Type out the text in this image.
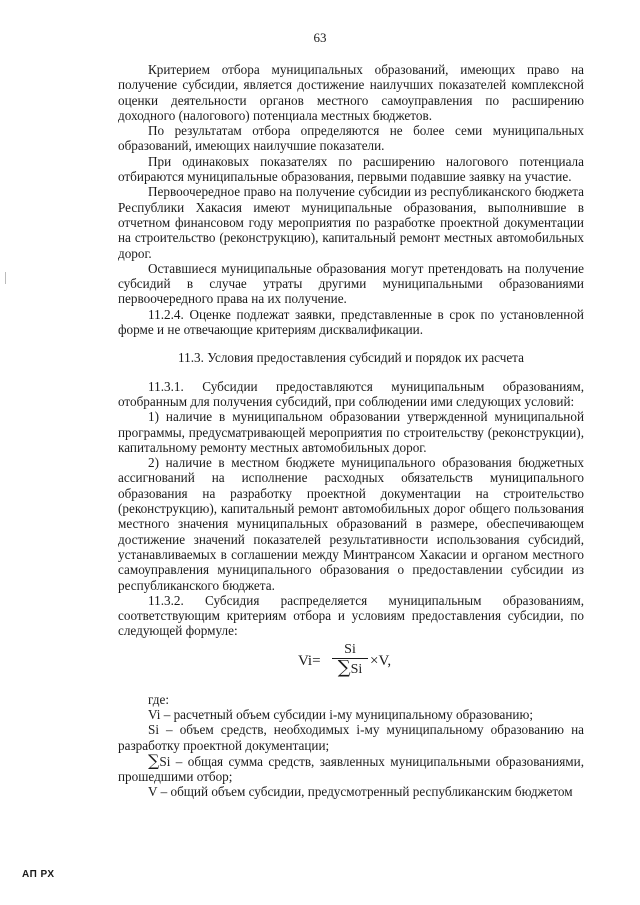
63

Критерием отбора муниципальных образований, имеющих право на получение субсидии, является достижение наилучших показателей комплексной оценки деятельности органов местного самоуправления по расширению доходного (налогового) потенциала местных бюджетов.

По результатам отбора определяются не более семи муниципальных образований, имеющих наилучшие показатели.

При одинаковых показателях по расширению налогового потенциала отбираются муниципальные образования, первыми подавшие заявку на участие.

Первоочередное право на получение субсидии из республиканского бюджета Республики Хакасия имеют муниципальные образования, выполнившие в отчетном финансовом году мероприятия по разработке проектной документации на строительство (реконструкцию), капитальный ремонт местных автомобильных дорог.

Оставшиеся муниципальные образования могут претендовать на получение субсидий в случае утраты другими муниципальными образованиями первоочередного права на их получение.

11.2.4. Оценке подлежат заявки, представленные в срок по установленной форме и не отвечающие критериям дисквалификации.

11.3. Условия предоставления субсидий и порядок их расчета

11.3.1. Субсидии предоставляются муниципальным образованиям, отобранным для получения субсидий, при соблюдении ими следующих условий:

1) наличие в муниципальном образовании утвержденной муниципальной программы, предусматривающей мероприятия по строительству (реконструкции), капитальному ремонту местных автомобильных дорог.

2) наличие в местном бюджете муниципального образования бюджетных ассигнований на исполнение расходных обязательств муниципального образования на разработку проектной документации на строительство (реконструкцию), капитальный ремонт автомобильных дорог общего пользования местного значения муниципальных образований в размере, обеспечивающем достижение значений показателей результативности использования субсидий, устанавливаемых в соглашении между Минтрансом Хакасии и органом местного самоуправления муниципального образования о предоставлении субсидии из республиканского бюджета.

11.3.2. Субсидия распределяется муниципальным образованиям, соответствующим критериям отбора и условиям предоставления субсидии, по следующей формуле:

$Vi= \frac{Si}{\sum Si} \times V$,

где:

Vi – расчетный объем субсидии i-му муниципальному образованию;

Si – объем средств, необходимых i-му муниципальному образованию на разработку проектной документации;

∑Si – общая сумма средств, заявленных муниципальными образованиями, прошедшими отбор;

V – общий объем субсидии, предусмотренный республиканским бюджетом

АП РХ
